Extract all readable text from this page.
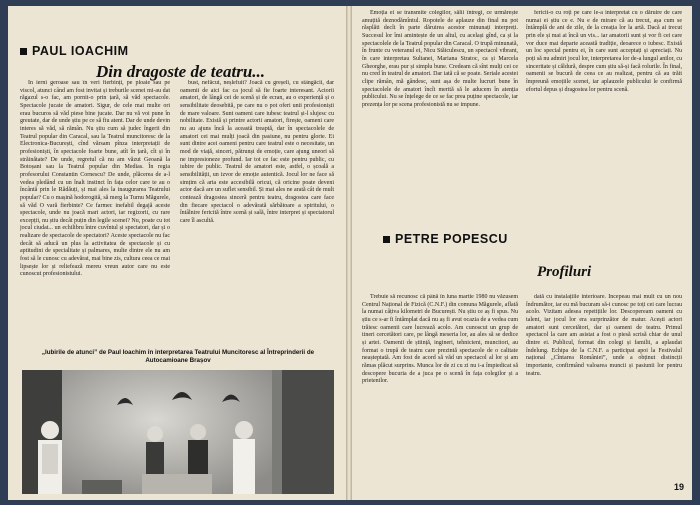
PAUL IOACHIM
Din dragoste de teatru...

In ierni geroase sau în veri fierbinți, pe ploaie sau pe viscol, atunci când am fost invitat și treburile scenei mi-au dat răgazul s-o fac, am pornit-o prin țară, să văd spectacole. Spectacole jucate de amatori. Sigur, de cele mai multe ori erau bucuros să văd piese bine jucate. Dar nu vă voi pune în greutate, dar de unde știu pe ce să fiu atent. Dar de unde devin interes să văd, să rămân. Nu știu cum să judec îngerii din Teatrul popular din Caracal, sau la Teatrul muncitoresc de la Electronica-București, cînd vărsam pînza interpretații de profesioniști, în spectacole foarte bune, atît în țară, cît și în străinătate? De unde, regretul că nu am văzut Geoană la Botoșani sau la Teatrul popular din Medias. În regia profesorului Constantin Cornescu? De unde, plăcerea de a-l vedea pledând cu un înalt instinct în fața celor care te au o încântă prin le Rădăuți, și mai ales la inaugurarea Teatrului popular? Cu o mașină hodorogită, să merg la Turnu Măgurele, să văd O vară fierbinte? Ce farmec inefabil degajă aceste spectacole, unde nu joacă mari actori, iar regizorii, cu rare excepții, nu știu decât puțin din legile scenei? Nu, poate cu tot jocul ciudat... un echilibru între cuvîntul și spectatori, dar și o realizare de spectacole de spectatori? Aceste spectacole nu fac decât să aducă un plus la activitatea de spectacole și cu aptitudini de specialitate și palmares, multe dintre ele nu am fost să le cunosc cu adevărat, mai bine zis, cultura ceea ce mai lipsește lor și reliefează mereu vreun autor care nu este cunoscut profesionistului.

bust, nefăcut, neșlefuit? Joacă cu greșeli, cu stângăcii, dar oamenii de aici fac ca jocul să fie foarte interesant. Actorii amatori, de lângă cei de scenă și de ecran, au o experiență și o sensibilitate deosebită, pe care nu o pot oferi unii profesioniști de mare valoare. Sunt oameni care iubesc teatrul și-l slujesc cu nobilitate. Există și printre actorii amatori, firește, oameni care nu au ajuns încă la această treaptă, dar în spectacolele de amatori cei mai mulți joacă din pasiune, nu pentru glorie. Ei sunt dintre acei oameni pentru care teatrul este o necesitate, un mod de viață, sinceri, pătrunși de emoție, care ajung uneori să ne impresioneze profund. Iar tot ce fac este pentru public, cu iubire de public. Teatrul de amatori este, astfel, o școală a sensibilității, un izvor de emoție autentică. Jocul lor ne face să simțim că arta este accesibilă oricui, că oricine poate deveni actor dacă are un suflet sensibil. Și mai ales ne arată cât de mult contează dragostea sinceră pentru teatru, dragostea care face din fiecare spectacol o adevărată sărbătoare a spiritului, o întâlnire fericită între scenă și sală, între interpret și spectatorul care îl ascultă.

„Iubirile de atunci” de Paul Ioachim în interpretarea Teatrului Muncitoresc al Întreprinderii de Autocamioane Brașov

Emoția ei se transmite colegilor, sălii întregi, ce urmărește amuțită deznodămîntul. Ropotele de aplauze din final nu pot răsplăti decît în parte dăruirea acestor minunați interpreți. Succesul lor îmi amintește de un altul, cu același gînd, ca și la spectacolele de la Teatrul popular din Caracal. O trupă minunată, în frunte cu veteranul ei, Nicu Stăiculescu, un spectacol vibrant, în care interpretau Sultanei, Mariana Stratoc, ca și Marcela Gheorghe, erau pur și simplu bune. Credeam că sînt mulți cei ce nu cred în teatrul de amatori. Dar iată că se poate. Seriale acestei clipe rămân, mă gândesc, sunt așa de multe lucruri bune în spectacolele de amatori încît merită să le aducem în atenția publicului. Nu se înțelege de ce se fac prea puține spectacole, iar prezența lor pe scena profesionistă nu se impune.

fericit-o cu roți pe care le-a interpretat cu o dăruire de care numai ei știu ce e. Nu e de mirare că au trecut, așa cum se întâmplă de ani de zile, de la creația lor la artă. Dacă ai trecut prin ele și mai ai încă un vis... iar amatorii sunt și vor fi cei care vor duce mai departe această tradiție, deoarece o iubesc. Există un loc special pentru ei, în care sunt acceptați și apreciați. Nu poți să nu admiri jocul lor, interpretarea lor de-a lungul anilor, cu sinceritate și căldură, despre cum știu să-și facă rolurile. În final, oamenii se bucură de ceea ce au realizat, pentru că au trăit împreună emoțiile scenei, iar aplauzele publicului le confirmă efortul depus și dragostea lor pentru scenă.

PETRE POPESCU
Profiluri

Trebuie să recunosc că până în luna martie 1980 nu văzusem Centrul Național de Fizică (C.N.F.) din comuna Măgurele, aflată la numai câțiva kilometri de București. Nu știu ce aș fi spus. Nu știu ce s-ar fi întâmplat dacă nu aș fi avut ocazia de a vedea cum trăiesc oamenii care lucrează acolo. Am cunoscut un grup de tineri cercetători care, pe lângă meseria lor, au ales să se dedice și artei. Oamenii de știință, ingineri, tehnicieni, muncitori, au format o trupă de teatru care prezintă spectacole de o calitate neașteptată. Am fost de acord să văd un spectacol al lor și am rămas plăcut surprins. Munca lor de zi cu zi nu i-a împiedicat să descopere bucuria de a juca pe o scenă în fața colegilor și a prietenilor.

dată cu instalațiile interioare. Începeau mai mult cu un nou îndrumător, iar eu mă bucuram să-i cunosc pe toți cei care lucrau acolo. Vizitam adesea repetițiile lor. Descopeream oameni cu talent, iar jocul lor era surprinzător de matur. Acești actori amatori sunt cercetători, dar și oameni de teatru. Primul spectacol la care am asistat a fost o piesă scrisă chiar de unul dintre ei. Publicul, format din colegi și familii, a aplaudat îndelung. Echipa de la C.N.F. a participat apoi la Festivalul național „Cîntarea României”, unde a obținut distincții importante, confirmând valoarea muncii și pasiunii lor pentru teatru.

19
